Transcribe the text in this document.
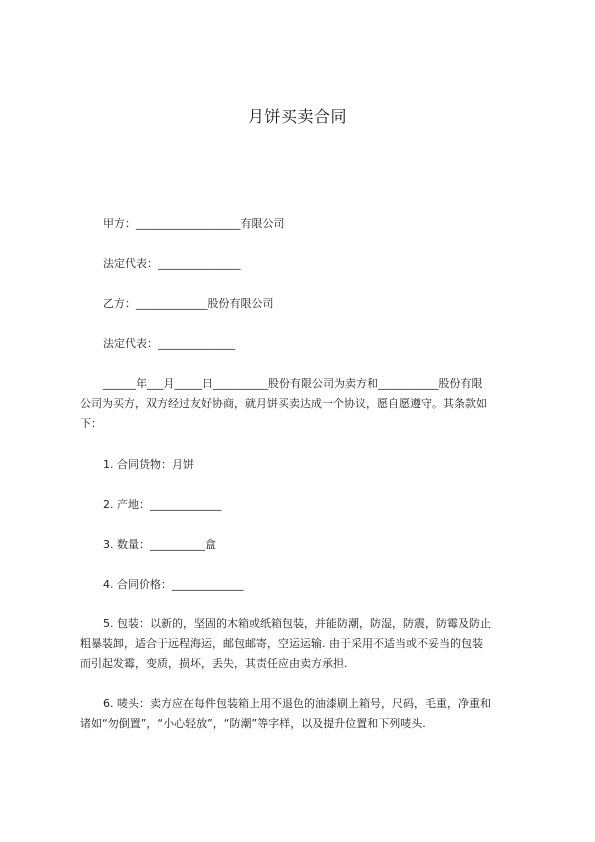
月饼买卖合同
甲方：___________________有限公司
法定代表：_______________
乙方：_____________股份有限公司
法定代表：______________
______年___月_____日__________股份有限公司为卖方和___________股份有限
公司为买方，双方经过友好协商，就月饼买卖达成一个协议，愿自愿遵守。其条款如
下：
1. 合同货物：月饼
2. 产地：_____________
3. 数量：__________盒
4. 合同价格：_____________
5. 包装：以新的，坚固的木箱或纸箱包装，并能防潮，防湿，防震，防霉及防止
粗暴装卸，适合于远程海运，邮包邮寄，空运运输. 由于采用不适当或不妥当的包装
而引起发霉，变质，损坏，丢失，其责任应由卖方承担.
6. 唛头：卖方应在每件包装箱上用不退色的油漆刷上箱号，尺码，毛重，净重和
诸如“勿倒置”，“小心轻放”，“防潮”等字样，以及提升位置和下列唛头.
